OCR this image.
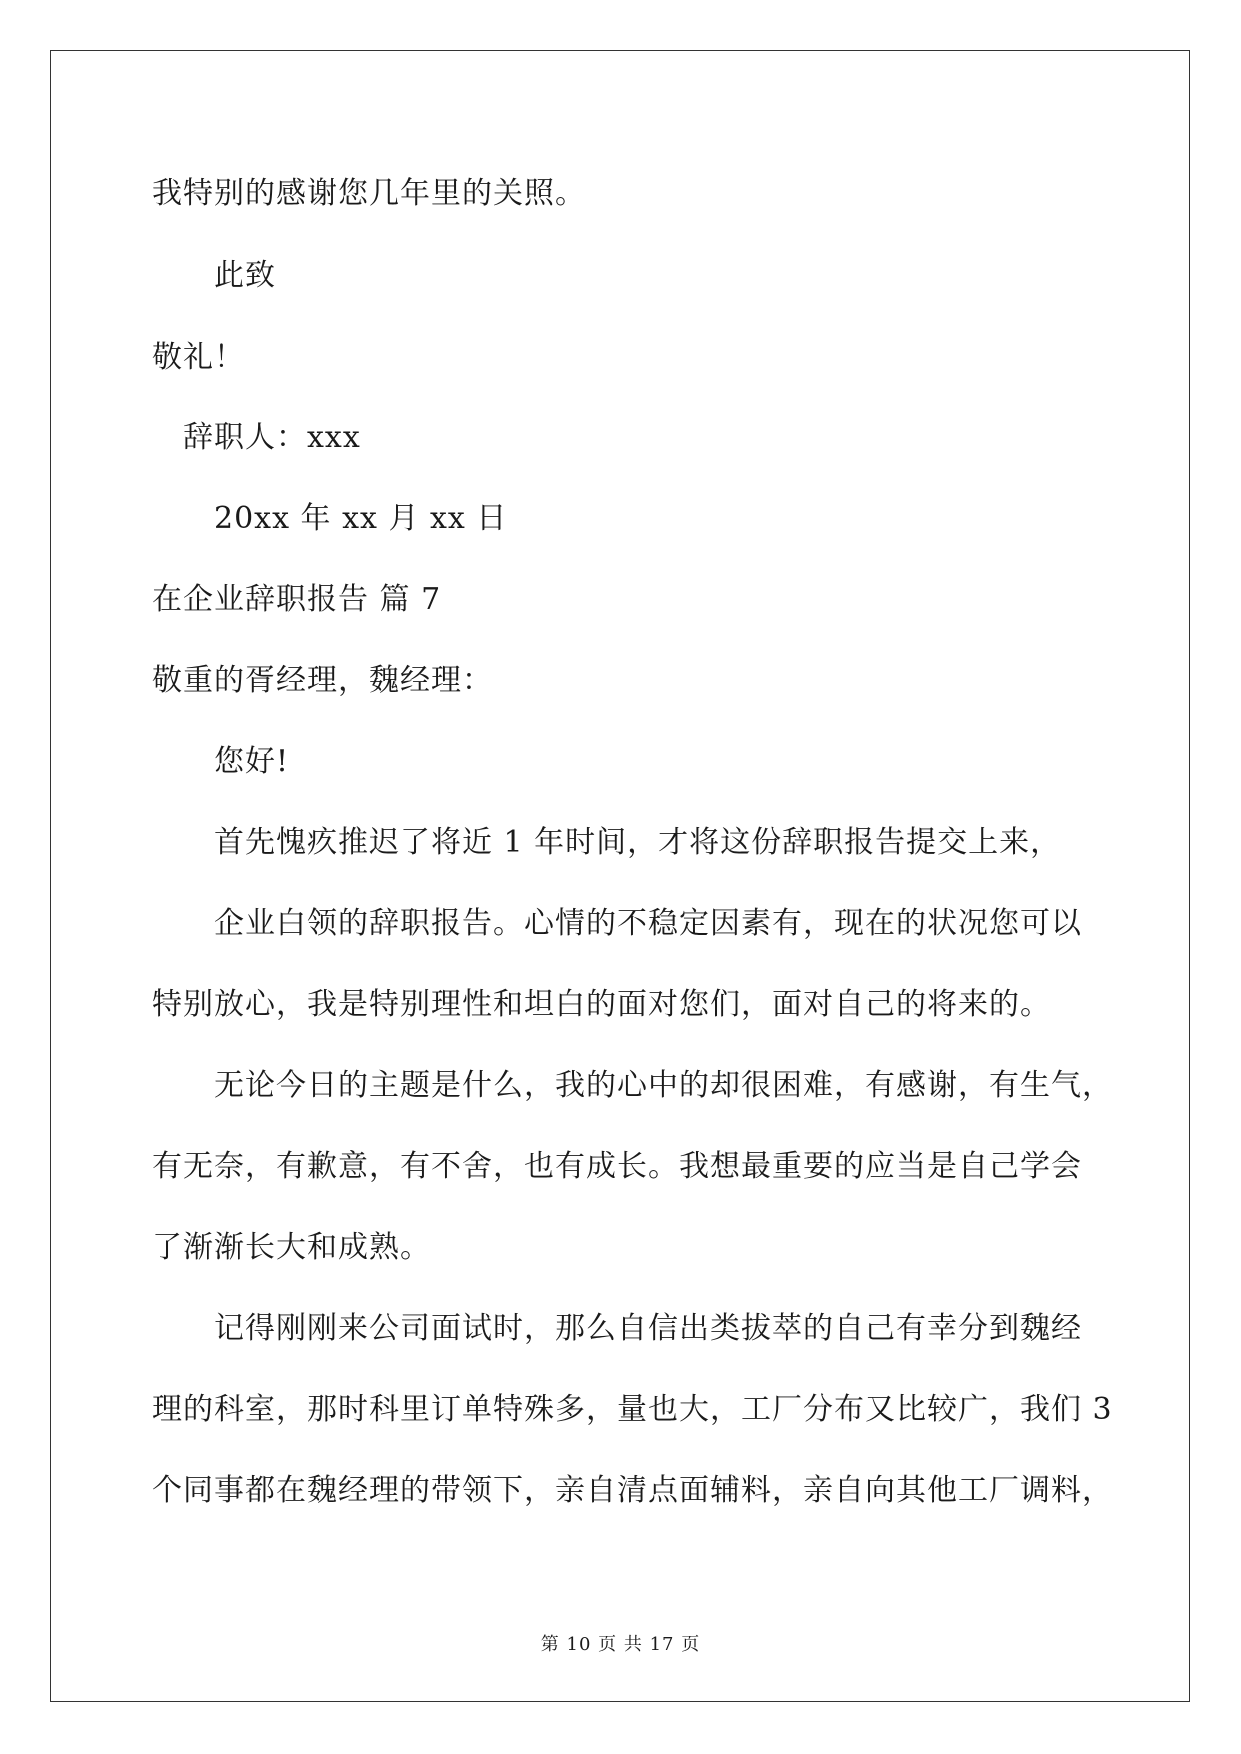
我特别的感谢您几年里的关照。
此致
敬礼！
辞职人：xxx
20xx 年 xx 月 xx 日
在企业辞职报告 篇 7
敬重的胥经理，魏经理：
您好!
首先愧疚推迟了将近 1 年时间，才将这份辞职报告提交上来，
企业白领的辞职报告。心情的不稳定因素有，现在的状况您可以
特别放心，我是特别理性和坦白的面对您们，面对自己的将来的。
无论今日的主题是什么，我的心中的却很困难，有感谢，有生气，
有无奈，有歉意，有不舍，也有成长。我想最重要的应当是自己学会
了渐渐长大和成熟。
记得刚刚来公司面试时，那么自信出类拔萃的自己有幸分到魏经
理的科室，那时科里订单特殊多，量也大，工厂分布又比较广，我们 3
个同事都在魏经理的带领下，亲自清点面辅料，亲自向其他工厂调料，
第 10 页 共 17 页
